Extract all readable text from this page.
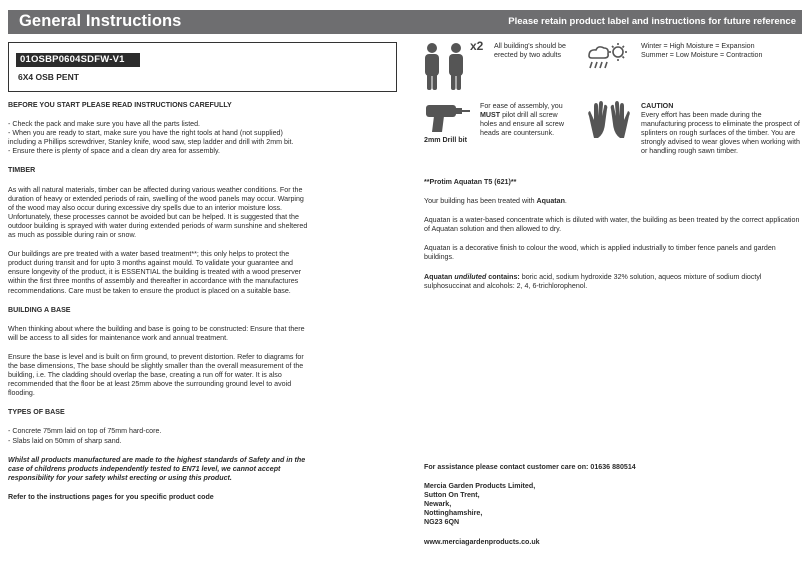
General Instructions	Please retain product label and instructions for future reference
01OSBP0604SDFW-V1
6X4 OSB PENT
BEFORE YOU START PLEASE READ INSTRUCTIONS CAREFULLY

- Check the pack and make sure you have all the parts listed.

- When you are ready to start, make sure you have the right tools at hand (not supplied) including a Phillips screwdriver, Stanley knife, wood saw, step ladder and drill with 2mm bit.

- Ensure there is plenty of space and a clean dry area for assembly.

TIMBER

As with all natural materials, timber can be affected during various weather conditions. For the duration of heavy or extended periods of rain, swelling of the wood panels may occur. Warping of the wood may also occur during excessive dry spells due to an interior moisture loss. Unfortunately, these processes cannot be avoided but can be helped. It is suggested that the outdoor building is sprayed with water during extended periods of warm sunshine and sheltered as much as possible during rain or snow.

Our buildings are pre treated with a water based treatment**; this only helps to protect the product during transit and for upto 3 months against mould. To validate your guarantee and ensure longevity of the product, it is ESSENTIAL the building is treated with a wood preserver within the first three months of assembly and thereafter in accordance with the manufactures recommendations. Care must be taken to ensure the product is placed on a suitable base.

BUILDING A BASE

When thinking about where the building and base is going to be constructed: Ensure that there will be access to all sides for maintenance work and annual treatment.

Ensure the base is level and is built on firm ground, to prevent distortion. Refer to diagrams for the base dimensions, The base should be slightly smaller than the overall measurement of the building, i.e. The cladding should overlap the base, creating a run off for water. It is also recommended that the floor be at least 25mm above the surrounding ground level to avoid flooding.

TYPES OF BASE

- Concrete 75mm laid on top of 75mm hard-core.

- Slabs laid on 50mm of sharp sand.

Whilst all products manufactured are made to the highest standards of Safety and in the case of childrens products independently tested to EN71 level, we cannot accept responsibility for your safety whilst erecting or using this product.

Refer to the instructions pages for you specific product code

x2 All building's should be erected by two adults
Winter = High Moisture = Expansion
Summer = Low Moisture = Contraction
2mm Drill bit
For ease of assembly, you MUST pilot drill all screw holes and ensure all screw heads are countersunk.
CAUTION
Every effort has been made during the manufacturing process to eliminate the prospect of splinters on rough surfaces of the timber. You are strongly advised to wear gloves when working with or handling rough sawn timber.

**Protim Aquatan T5 (621)**

Your building has been treated with Aquatan.

Aquatan is a water-based concentrate which is diluted with water, the building as been treated by the correct application of Aquatan solution and then allowed to dry.

Aquatan is a decorative finish to colour the wood, which is applied industrially to timber fence panels and garden buildings.

Aquatan undiluted contains: boric acid, sodium hydroxide 32% solution, aqueos mixture of sodium dioctyl sulphosuccinat and alcohols: 2, 4, 6-trichlorophenol.

For assistance please contact customer care on: 01636 880514

Mercia Garden Products Limited,

Sutton On Trent,

Newark,

Nottinghamshire,

NG23 6QN

www.merciagardenproducts.co.uk
